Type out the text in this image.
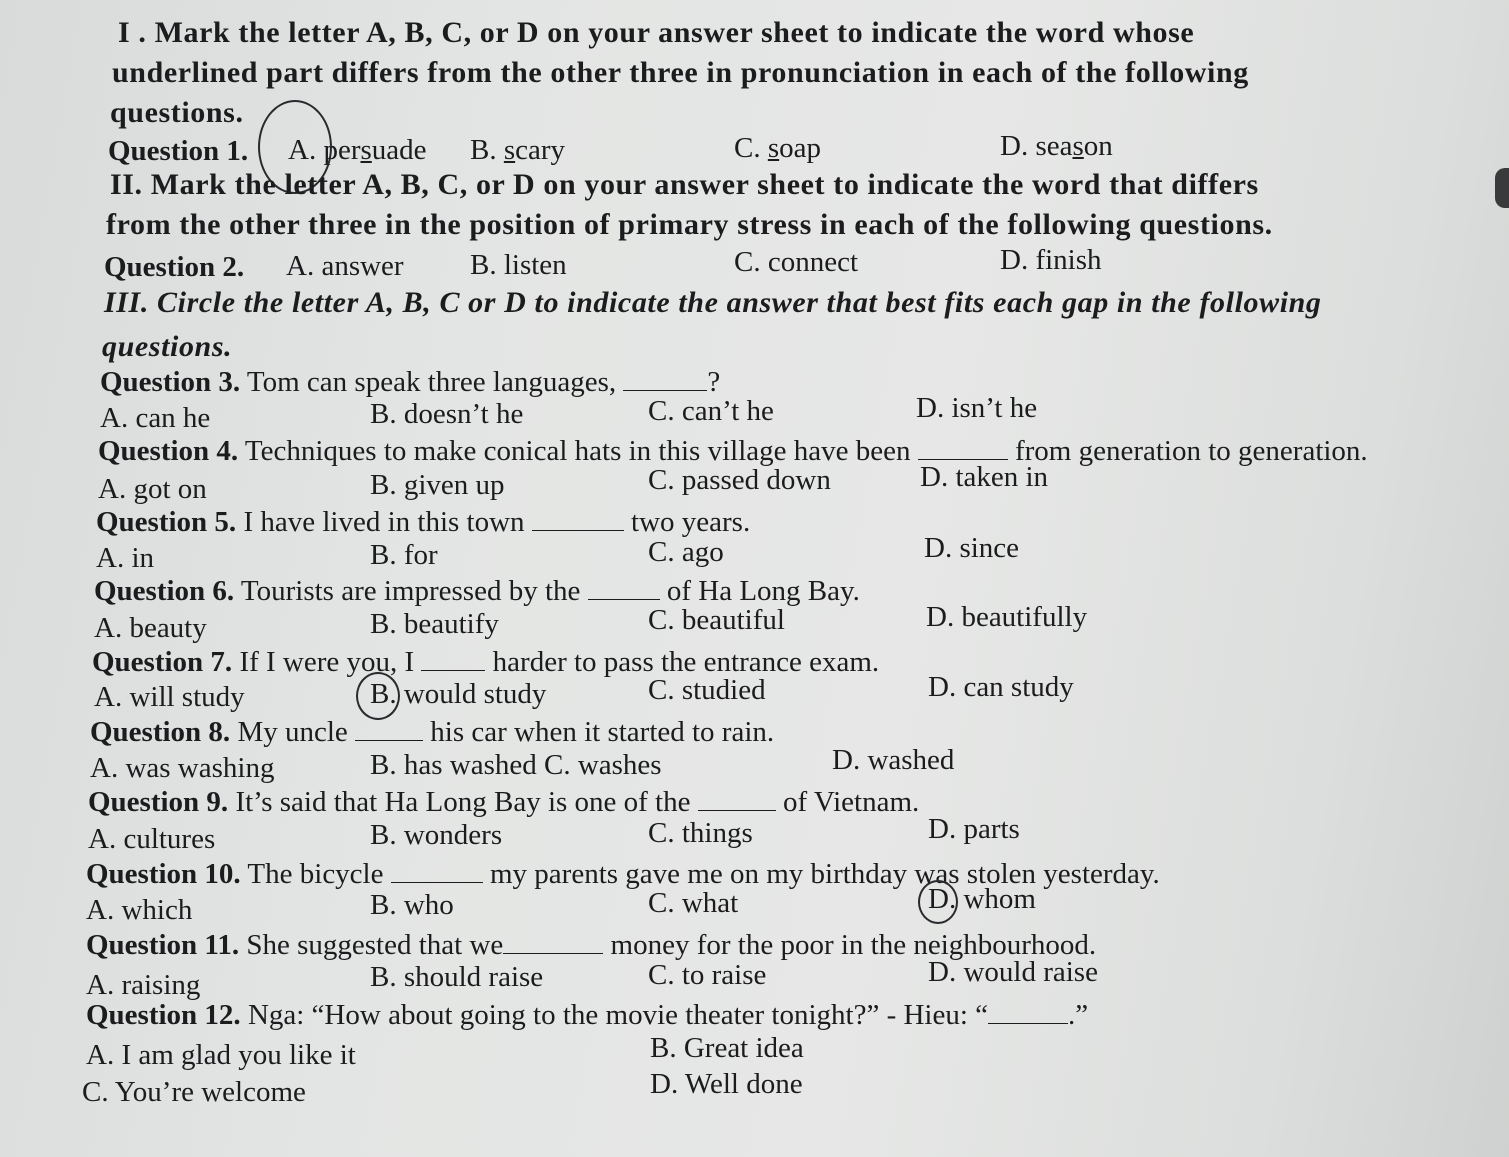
I . Mark the letter A, B, C, or D on your answer sheet to indicate the word whose
underlined part differs from the other three in pronunciation in each of the following
questions.
Question 1. A. persuade B. scary	C. soap	D. season
II. Mark the letter A, B, C, or D on your answer sheet to indicate the word that differs
from the other three in the position of primary stress in each of the following questions.
Question 2. A. answer B. listen	C. connect	D. finish
III. Circle the letter A, B, C or D to indicate the answer that best fits each gap in the following
questions.
Question 3. Tom can speak three languages,	?
A. can he	B. doesn’t he	C. can’t he	D. isn’t he
Question 4. Techniques to make conical hats in this village have been	from generation to generation.
A. got on	B. given up	C. passed down	D. taken in
Question 5. I have lived in this town	two years.
A. in	B. for	C. ago	D. since
Question 6. Tourists are impressed by the	of Ha Long Bay.
A. beauty	B. beautify	C. beautiful	D. beautifully
Question 7. If I were you, I	harder to pass the entrance exam.
A. will study	B. would study	C. studied	D. can study
Question 8. My uncle	his car when it started to rain.
A. was washing	B. has washed C. washes	D. washed
Question 9. It’s said that Ha Long Bay is one of the	of Vietnam.
A. cultures	B. wonders	C. things	D. parts
Question 10. The bicycle	my parents gave me on my birthday was stolen yesterday.
A. which	B. who	C. what	D. whom
Question 11. She suggested that we	money for the poor in the neighbourhood.
A. raising	B. should raise	C. to raise	D. would raise
Question 12. Nga: “How about going to the movie theater tonight?” - Hieu: “	.”
A. I am glad you like it	B. Great idea
C. You’re welcome	D. Well done
